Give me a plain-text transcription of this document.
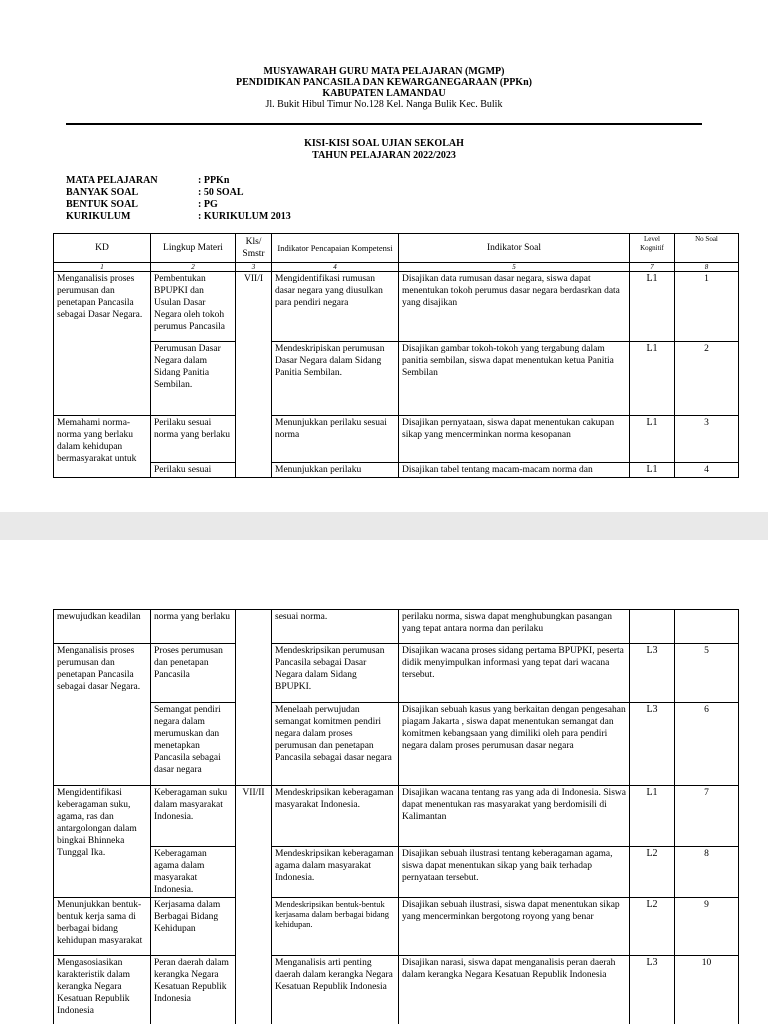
MUSYAWARAH GURU MATA PELAJARAN (MGMP)
PENDIDIKAN PANCASILA DAN KEWARGANEGARAAN (PPKn)
KABUPATEN LAMANDAU
Jl. Bukit Hibul Timur No.128 Kel. Nanga Bulik Kec. Bulik
KISI-KISI SOAL UJIAN SEKOLAH
TAHUN PELAJARAN 2022/2023
MATA PELAJARAN	: PPKn
BANYAK SOAL	: 50 SOAL
BENTUK SOAL	: PG
KURIKULUM	: KURIKULUM 2013
KD	Lingkup Materi	Kls/ Smstr	Indikator Pencapaian Kompetensi	Indikator Soal	Level Kognitif	No Soal
1	2	3	4	5	7	8
Menganalisis proses perumusan dan penetapan Pancasila sebagai Dasar Negara.	Pembentukan BPUPKI dan Usulan Dasar Negara oleh tokoh perumus Pancasila	VII/I	Mengidentifikasi rumusan dasar negara yang diusulkan para pendiri negara	Disajikan data rumusan dasar negara, siswa dapat menentukan tokoh perumus dasar negara berdasrkan data yang disajikan	L1	1
	Perumusan Dasar Negara dalam Sidang Panitia Sembilan.		Mendeskripiskan perumusan Dasar Negara dalam Sidang Panitia Sembilan.	Disajikan gambar tokoh-tokoh yang tergabung dalam panitia sembilan, siswa dapat menentukan ketua Panitia Sembilan	L1	2
Memahami norma-norma yang berlaku dalam kehidupan bermasyarakat untuk	Perilaku sesuai norma yang berlaku		Menunjukkan perilaku sesuai norma	Disajikan pernyataan, siswa dapat menentukan cakupan sikap yang mencerminkan norma kesopanan	L1	3
	Perilaku sesuai		Menunjukkan perilaku	Disajikan tabel tentang macam-macam norma dan	L1	4
mewujudkan keadilan	norma yang berlaku		sesuai norma.	perilaku norma, siswa dapat menghubungkan pasangan yang tepat antara norma dan perilaku		
Menganalisis proses perumusan dan penetapan Pancasila sebagai dasar Negara.	Proses perumusan dan penetapan Pancasila		Mendeskripsikan perumusan Pancasila sebagai Dasar Negara dalam Sidang BPUPKI.	Disajikan wacana proses sidang pertama BPUPKI, peserta didik menyimpulkan informasi yang tepat dari wacana tersebut.	L3	5
	Semangat pendiri negara dalam merumuskan dan menetapkan Pancasila sebagai dasar negara		Menelaah perwujudan semangat komitmen pendiri negara dalam proses perumusan dan penetapan Pancasila sebagai dasar negara	Disajikan sebuah kasus yang berkaitan dengan pengesahan piagam Jakarta , siswa dapat menentukan semangat dan komitmen kebangsaan yang dimiliki oleh para pendiri negara dalam proses perumusan dasar negara	L3	6
Mengidentifikasi keberagaman suku, agama, ras dan antargolongan dalam bingkai Bhinneka Tunggal Ika.	Keberagaman suku dalam masyarakat Indonesia.	VII/II	Mendeskripsikan keberagaman masyarakat Indonesia.	Disajikan wacana tentang ras yang ada di Indonesia. Siswa dapat menentukan ras masyarakat yang berdomisili di Kalimantan	L1	7
	Keberagaman agama dalam masyarakat Indonesia.		Mendeskripsikan keberagaman agama dalam masyarakat Indonesia.	Disajikan sebuah ilustrasi tentang keberagaman agama, siswa dapat menentukan sikap yang baik terhadap pernyataan tersebut.	L2	8
Menunjukkan bentuk-bentuk kerja sama di berbagai bidang kehidupan masyarakat	Kerjasama dalam Berbagai Bidang Kehidupan		Mendeskripsikan bentuk-bentuk kerjasama dalam berbagai bidang kehidupan.	Disajikan sebuah ilustrasi, siswa dapat menentukan sikap yang mencerminkan bergotong royong yang benar	L2	9
Mengasosiasikan karakteristik dalam kerangka Negara Kesatuan Republik Indonesia	Peran daerah dalam kerangka Negara Kesatuan Republik Indonesia		Menganalisis arti penting daerah dalam kerangka Negara Kesatuan Republik Indonesia	Disajikan narasi, siswa dapat menganalisis peran daerah dalam kerangka Negara Kesatuan Republik Indonesia	L3	10
